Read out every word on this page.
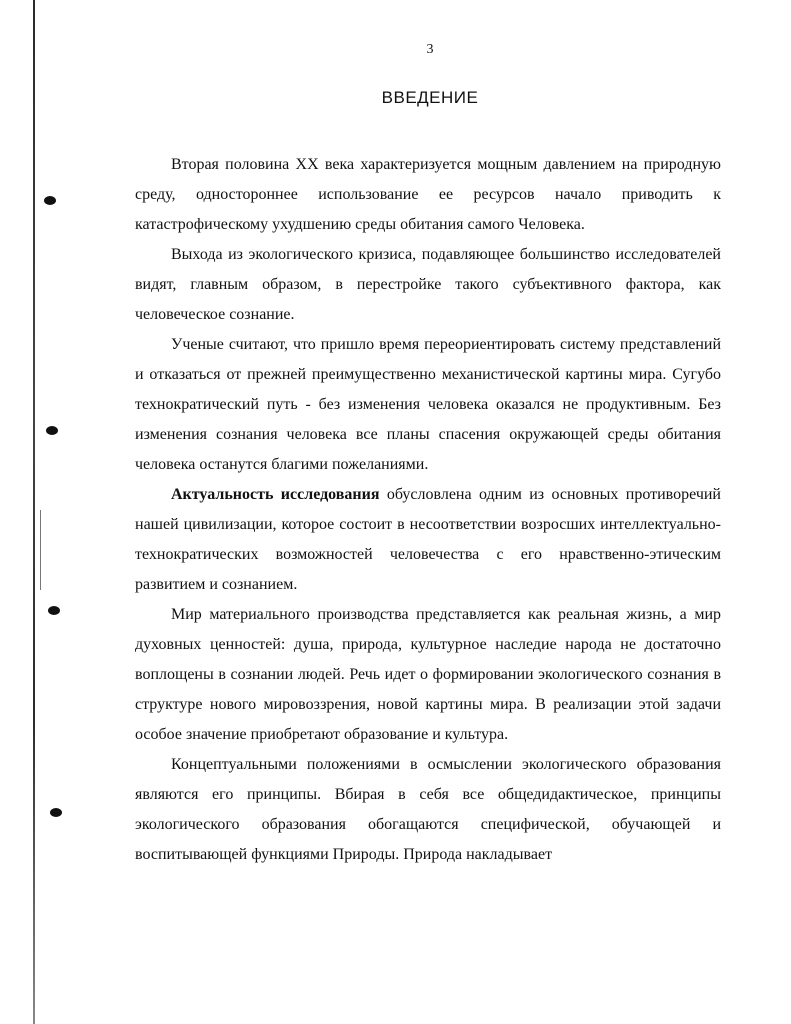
3
ВВЕДЕНИЕ

Вторая половина XX века характеризуется мощным давлением на природную среду, одностороннее использование ее ресурсов начало приводить к катастрофическому ухудшению среды обитания самого Человека.

Выхода из экологического кризиса, подавляющее большинство исследователей видят, главным образом, в перестройке такого субъективного фактора, как человеческое сознание.

Ученые считают, что пришло время переориентировать систему представлений и отказаться от прежней преимущественно механистической картины мира. Сугубо технократический путь - без изменения человека оказался не продуктивным. Без изменения сознания человека все планы спасения окружающей среды обитания человека останутся благими пожеланиями.

Актуальность исследования обусловлена одним из основных противоречий нашей цивилизации, которое состоит в несоответствии возросших интеллектуально-технократических возможностей человечества с его нравственно-этическим развитием и сознанием.

Мир материального производства представляется как реальная жизнь, а мир духовных ценностей: душа, природа, культурное наследие народа не достаточно воплощены в сознании людей. Речь идет о формировании экологического сознания в структуре нового мировоззрения, новой картины мира. В реализации этой задачи особое значение приобретают образование и культура.

Концептуальными положениями в осмыслении экологического образования являются его принципы. Вбирая в себя все общедидактическое, принципы экологического образования обогащаются специфической, обучающей и воспитывающей функциями Природы. Природа накладывает
